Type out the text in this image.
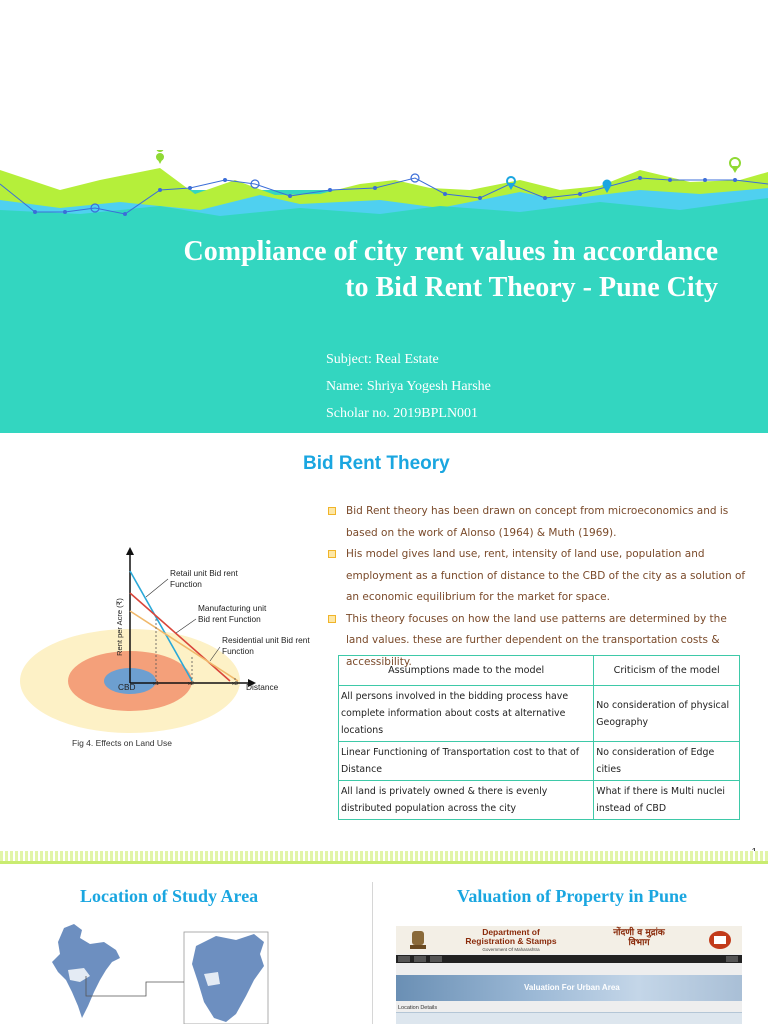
Compliance of city rent values in accordance to Bid Rent Theory - Pune City
Subject: Real Estate
Name: Shriya Yogesh Harshe
Scholar no. 2019BPLN001
Bid Rent Theory
Bid Rent theory has been drawn on concept from microeconomics and is based on the work of Alonso (1964) & Muth (1969).
His model gives land use, rent, intensity of land use, population and employment as a function of distance to the CBD of the city as a solution of an economic equilibrium for the market for space.
This theory focuses on how the land use patterns are determined by the land values. these are further dependent on the transportation costs & accessibility.
Rent per Acre (₹)
Distance
CBD	x1	x2	x3
Retail unit Bid rent
Function
Manufacturing unit
Bid rent Function
Residential unit Bid rent
Function
Fig 4. Effects on Land Use
Assumptions made to the model	Criticism of the model
All persons involved in the bidding process have complete information about costs at alternative locations	No consideration of physical Geography
Linear Functioning of Transportation cost to that of Distance	No consideration of Edge cities
All land is privately owned & there is evenly distributed population across the city	What if there is Multi nuclei instead of CBD
Location of Study Area	Valuation of Property in Pune
Department of
Registration & Stamps
Government Of Maharashtra
नोंदणी व मुद्रांक
विभाग
Valuation For Urban Area
Location Details
